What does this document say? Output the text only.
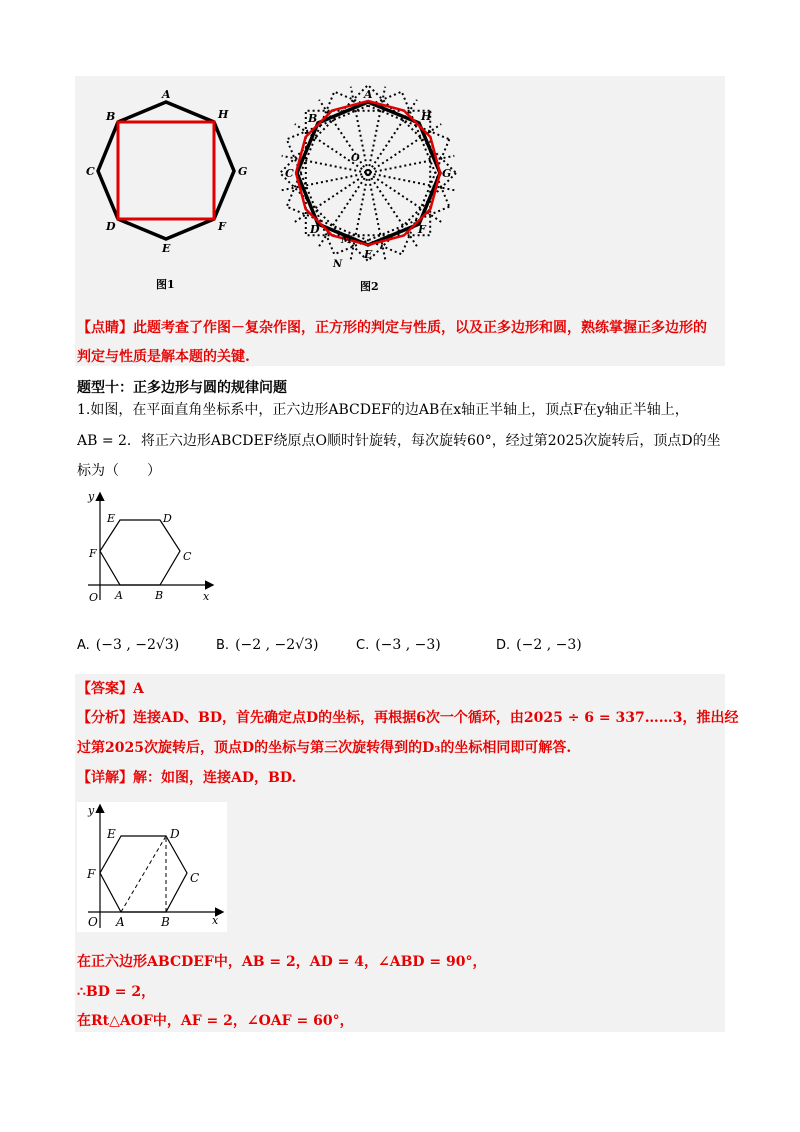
A
H
G
F
E
D
C
B
图1
A
H
G
F
E
D
C
B
O
M
N
图2
【点睛】此题考查了作图－复杂作图，正方形的判定与性质，以及正多边形和圆，熟练掌握正多边形的
判定与性质是解本题的关键.
题型十：正多边形与圆的规律问题
1.如图，在平面直角坐标系中，正六边形ABCDEF的边AB在x轴正半轴上，顶点F在y轴正半轴上，
AB = 2．将正六边形ABCDEF绕原点O顺时针旋转，每次旋转60°，经过第2025次旋转后，顶点D的坐
标为（　　）
y
x
O A	B
C
D
E
F
A. (−3 , −2√3)	B. (−2 , −2√3)	C. (−3 , −3)	D. (−2 , −3)
【答案】A
【分析】连接AD、BD，首先确定点D的坐标，再根据6次一个循环，由2025 ÷ 6 = 337……3，推出经
过第2025次旋转后，顶点D的坐标与第三次旋转得到的D₃的坐标相同即可解答.
【详解】解：如图，连接AD，BD.
y
x
O A	B
C
D
E
F
在正六边形ABCDEF中，AB = 2，AD = 4，∠ABD = 90°，
∴BD = 2，
在Rt△AOF中，AF = 2，∠OAF = 60°，
